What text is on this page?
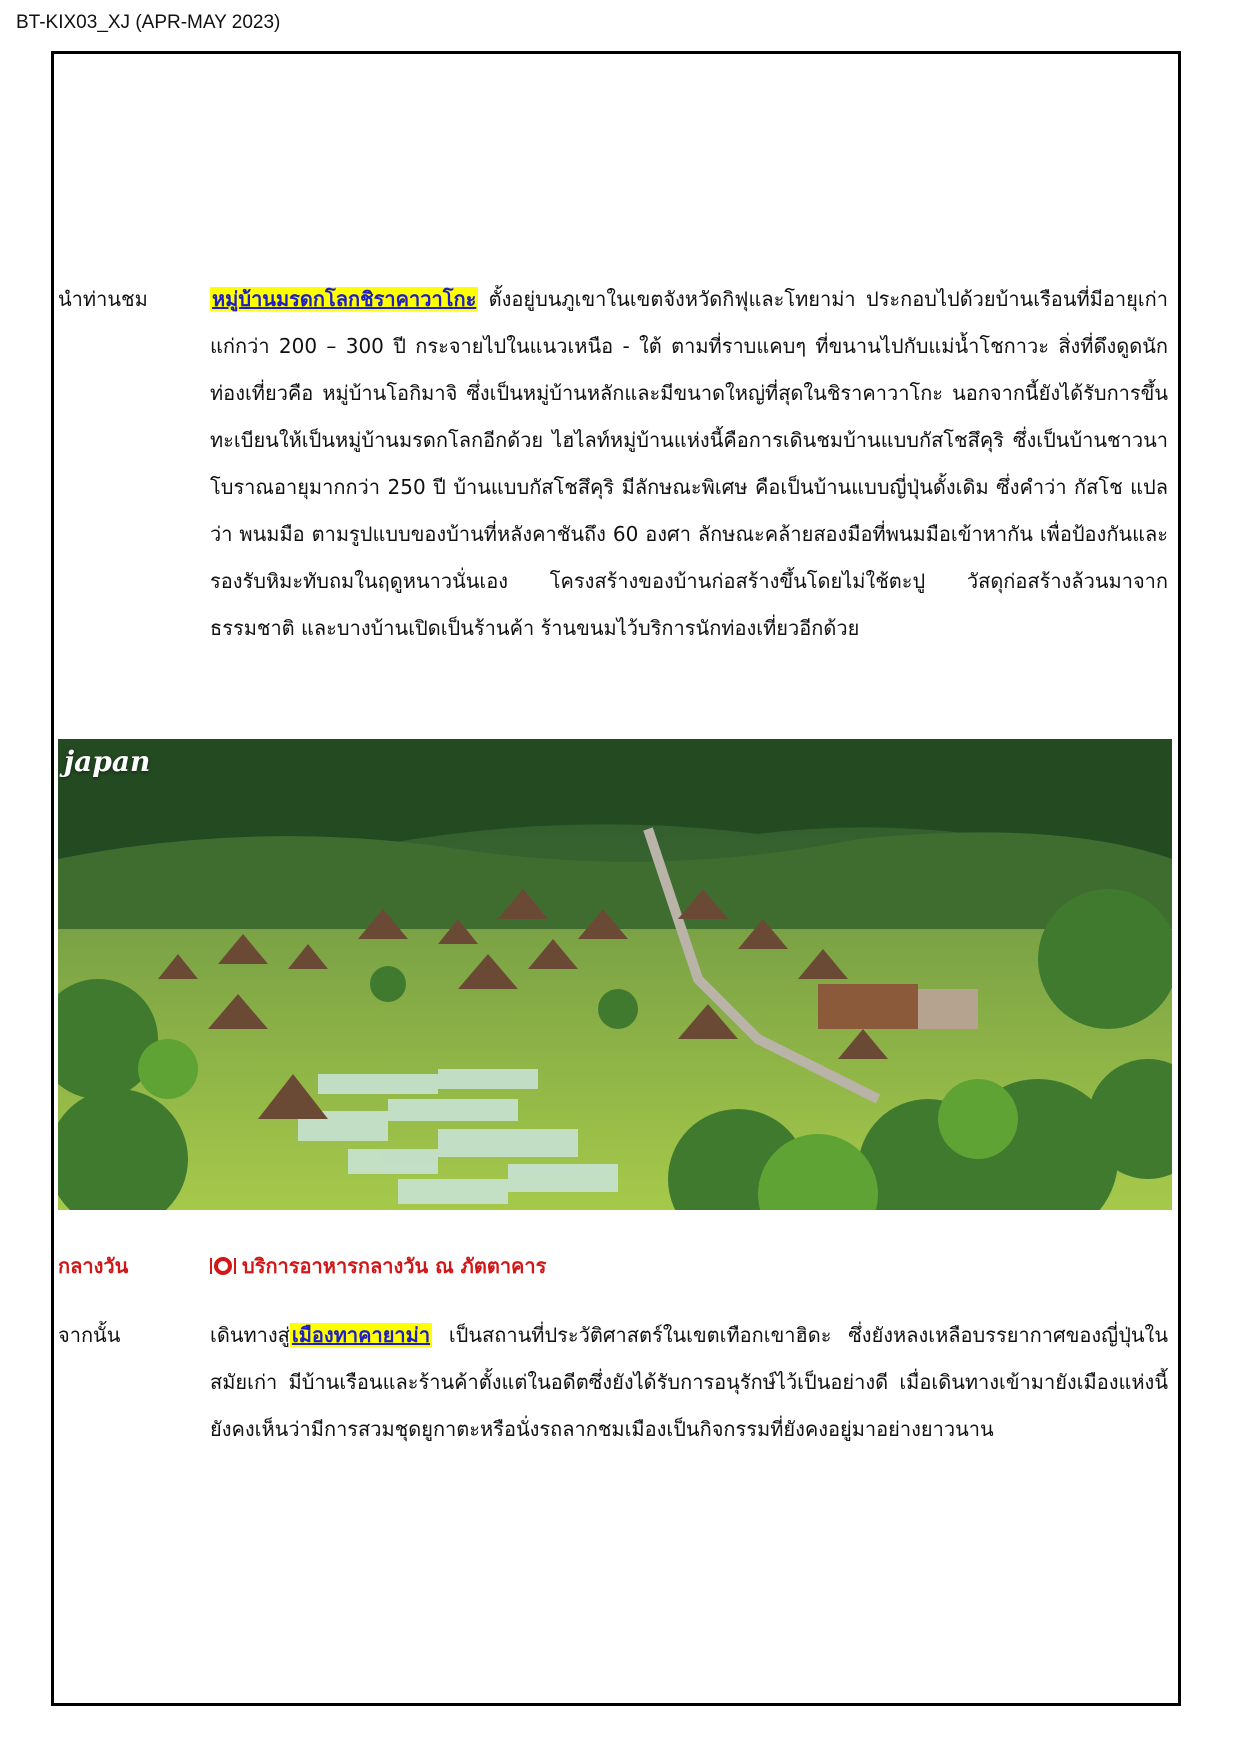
BT-KIX03_XJ (APR-MAY 2023)
นำท่านชม	หมู่บ้านมรดกโลกชิราคาวาโกะ ตั้งอยู่บนภูเขาในเขตจังหวัดกิฟุและโทยาม่า ประกอบไปด้วยบ้านเรือนที่มีอายุเก่าแก่กว่า 200 – 300 ปี กระจายไปในแนวเหนือ - ใต้ ตามที่ราบแคบๆ ที่ขนานไปกับแม่น้ำโชกาวะ สิ่งที่ดึงดูดนักท่องเที่ยวคือ หมู่บ้านโอกิมาจิ ซึ่งเป็นหมู่บ้านหลักและมีขนาดใหญ่ที่สุดในชิราคาวาโกะ นอกจากนี้ยังได้รับการขึ้นทะเบียนให้เป็นหมู่บ้านมรดกโลกอีกด้วย ไฮไลท์หมู่บ้านแห่งนี้คือการเดินชมบ้านแบบกัสโชสึคุริ ซึ่งเป็นบ้านชาวนาโบราณอายุมากกว่า 250 ปี บ้านแบบกัสโชสึคุริ มีลักษณะพิเศษ คือเป็นบ้านแบบญี่ปุ่นดั้งเดิม ซึ่งคำว่า กัสโช แปลว่า พนมมือ ตามรูปแบบของบ้านที่หลังคาชันถึง 60 องศา ลักษณะคล้ายสองมือที่พนมมือเข้าหากัน เพื่อป้องกันและรองรับหิมะทับถมในฤดูหนาวนั่นเอง โครงสร้างของบ้านก่อสร้างขึ้นโดยไม่ใช้ตะปู วัสดุก่อสร้างล้วนมาจากธรรมชาติ และบางบ้านเปิดเป็นร้านค้า ร้านขนมไว้บริการนักท่องเที่ยวอีกด้วย
japan
กลางวัน	บริการอาหารกลางวัน ณ ภัตตาคาร
จากนั้น	เดินทางสู่ เมืองทาคายาม่า เป็นสถานที่ประวัติศาสตร์ในเขตเทือกเขาฮิดะ ซึ่งยังหลงเหลือบรรยากาศของญี่ปุ่นในสมัยเก่า มีบ้านเรือนและร้านค้าตั้งแต่ในอดีตซึ่งยังได้รับการอนุรักษ์ไว้เป็นอย่างดี เมื่อเดินทางเข้ามายังเมืองแห่งนี้ยังคงเห็นว่ามีการสวมชุดยูกาตะหรือนั่งรถลากชมเมืองเป็นกิจกรรมที่ยังคงอยู่มาอย่างยาวนาน
